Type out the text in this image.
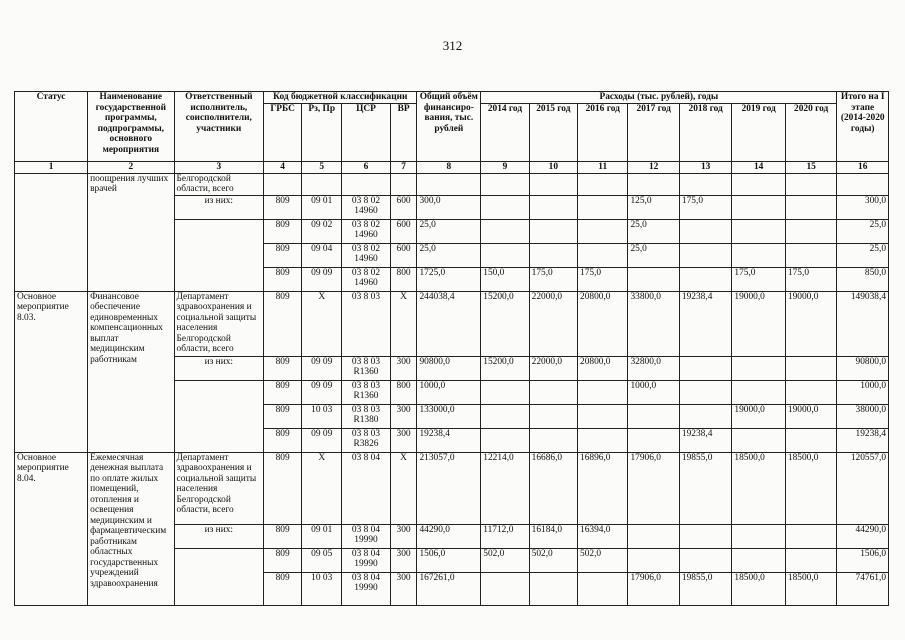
312
Статус	Наименование государственной программы, подпрограммы, основного мероприятия	Ответственный исполнитель, соисполнители, участники	Код бюджетной классификации				Общий объём финансиро-вания, тыс. рублей	Расходы (тыс. рублей), годы							Итого на I этапе (2014-2020 годы)
			ГРБС	Рз, Пр	ЦСР	ВР		2014 год	2015 год	2016 год	2017 год	2018 год	2019 год	2020 год	
1	2	3	4	5	6	7	8	9	10	11	12	13	14	15	16
	поощрения лучших врачей	Белгородской области, всего													
		из них:	809	09 01	03 8 02 14960	600	300,0				125,0	175,0			300,0
			809	09 02	03 8 02 14960	600	25,0				25,0				25,0
			809	09 04	03 8 02 14960	600	25,0				25,0				25,0
			809	09 09	03 8 02 14960	800	1725,0	150,0	175,0	175,0			175,0	175,0	850,0
Основное мероприятие 8.03.	Финансовое обеспечение единовременных компенсационных выплат медицинским работникам	Департамент здравоохранения и социальной защиты населения Белгородской области, всего	809	X	03 8 03	X	244038,4	15200,0	22000,0	20800,0	33800,0	19238,4	19000,0	19000,0	149038,4
		из них:	809	09 09	03 8 03 R1360	300	90800,0	15200,0	22000,0	20800,0	32800,0				90800,0
			809	09 09	03 8 03 R1360	800	1000,0				1000,0				1000,0
			809	10 03	03 8 03 R1380	300	133000,0						19000,0	19000,0	38000,0
			809	09 09	03 8 03 R3826	300	19238,4					19238,4			19238,4
Основное мероприятие 8.04.	Ежемесячная денежная выплата по оплате жилых помещений, отопления и освещения медицинским и фармацевтическим работникам областных государственных учреждений здравоохранения	Департамент здравоохранения и социальной защиты населения Белгородской области, всего	809	X	03 8 04	X	213057,0	12214,0	16686,0	16896,0	17906,0	19855,0	18500,0	18500,0	120557,0
		из них:	809	09 01	03 8 04 19990	300	44290,0	11712,0	16184,0	16394,0					44290,0
			809	09 05	03 8 04 19990	300	1506,0	502,0	502,0	502,0					1506,0
			809	10 03	03 8 04 19990	300	167261,0				17906,0	19855,0	18500,0	18500,0	74761,0
